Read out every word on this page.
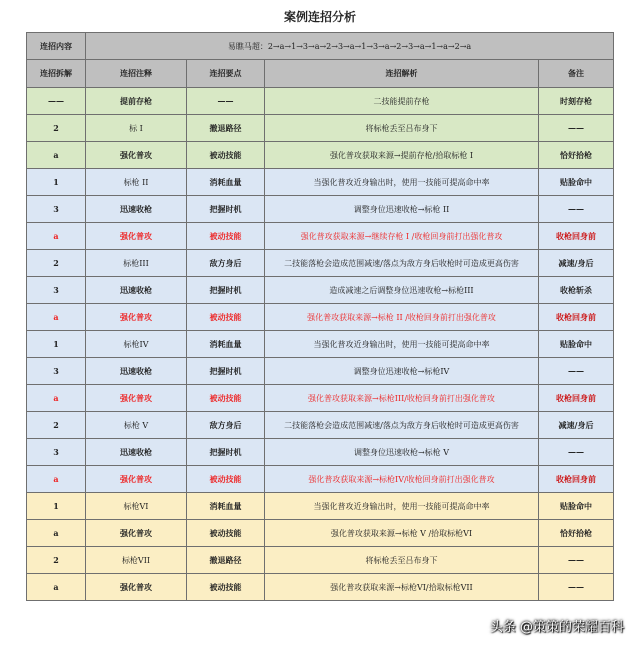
案例连招分析
连招内容	易瞧马超：2→a→1→3→a→2→3→a→1→3→a→2→3→a→1→a→2→a			
连招拆解	连招注释	连招要点	连招解析	备注
——	提前存枪	——	二技能提前存枪	时刻存枪
2	标 I	撤退路径	将标枪丢至吕布身下	——
a	强化普攻	被动技能	强化普攻获取来源→提前存枪/拾取标枪 I	恰好拾枪
1	标枪 II	消耗血量	当强化普攻近身输出时，使用一技能可提高命中率	贴脸命中
3	迅速收枪	把握时机	调整身位迅速收枪→标枪 II	——
a	强化普攻	被动技能	强化普攻获取来源→继续存枪 I /收枪回身前打出强化普攻	收枪回身前
2	标枪III	敌方身后	二技能落枪会造成范围减速/落点为敌方身后收枪时可造成更高伤害	减速/身后
3	迅速收枪	把握时机	造成减速之后调整身位迅速收枪→标枪III	收枪斩杀
a	强化普攻	被动技能	强化普攻获取来源→标枪 II /收枪回身前打出强化普攻	收枪回身前
1	标枪IV	消耗血量	当强化普攻近身输出时，使用一技能可提高命中率	贴脸命中
3	迅速收枪	把握时机	调整身位迅速收枪→标枪IV	——
a	强化普攻	被动技能	强化普攻获取来源→标枪III/收枪回身前打出强化普攻	收枪回身前
2	标枪 V	敌方身后	二技能落枪会造成范围减速/落点为敌方身后收枪时可造成更高伤害	减速/身后
3	迅速收枪	把握时机	调整身位迅速收枪→标枪 V	——
a	强化普攻	被动技能	强化普攻获取来源→标枪IV/收枪回身前打出强化普攻	收枪回身前
1	标枪VI	消耗血量	当强化普攻近身输出时，使用一技能可提高命中率	贴脸命中
a	强化普攻	被动技能	强化普攻获取来源→标枪 V /拾取标枪VI	恰好拾枪
2	标枪VII	撤退路径	将标枪丢至吕布身下	——
a	强化普攻	被动技能	强化普攻获取来源→标枪VI/拾取标枪VII	——
头条 @策策的荣耀百科
